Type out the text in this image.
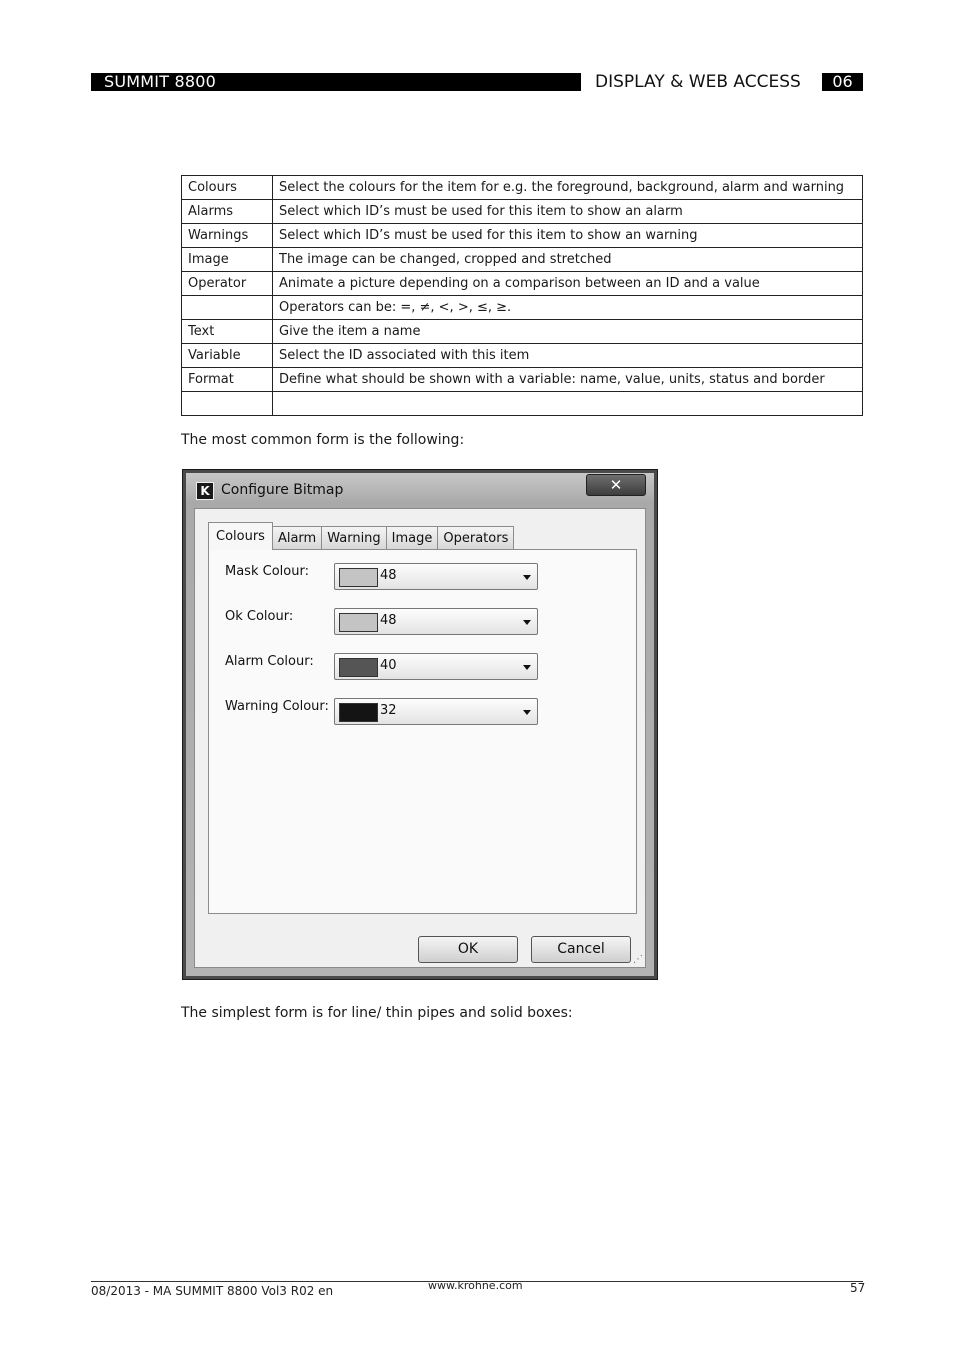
SUMMIT 8800	DISPLAY & WEB ACCESS	06
Colours	Select the colours for the item for e.g. the foreground, background, alarm and warning
Alarms	Select which ID’s must be used for this item to show an alarm
Warnings	Select which ID’s must be used for this item to show an warning
Image	The image can be changed, cropped and stretched
Operator	Animate a picture depending on a comparison between an ID and a value
	Operators can be: =, ≠, <, >, ≤, ≥.
Text	Give the item a name
Variable	Select the ID associated with this item
Format	Define what should be shown with a variable: name, value, units, status and border

The most common form is the following:
K Configure Bitmap	✕
Colours	Alarm Warning Image Operators
Mask Colour:	48
Ok Colour:	48
Alarm Colour:	40
Warning Colour:	32
OK	Cancel
⋰
The simplest form is for line/ thin pipes and solid boxes:
08/2013 - MA SUMMIT 8800 Vol3 R02 en	www.krohne.com	57
